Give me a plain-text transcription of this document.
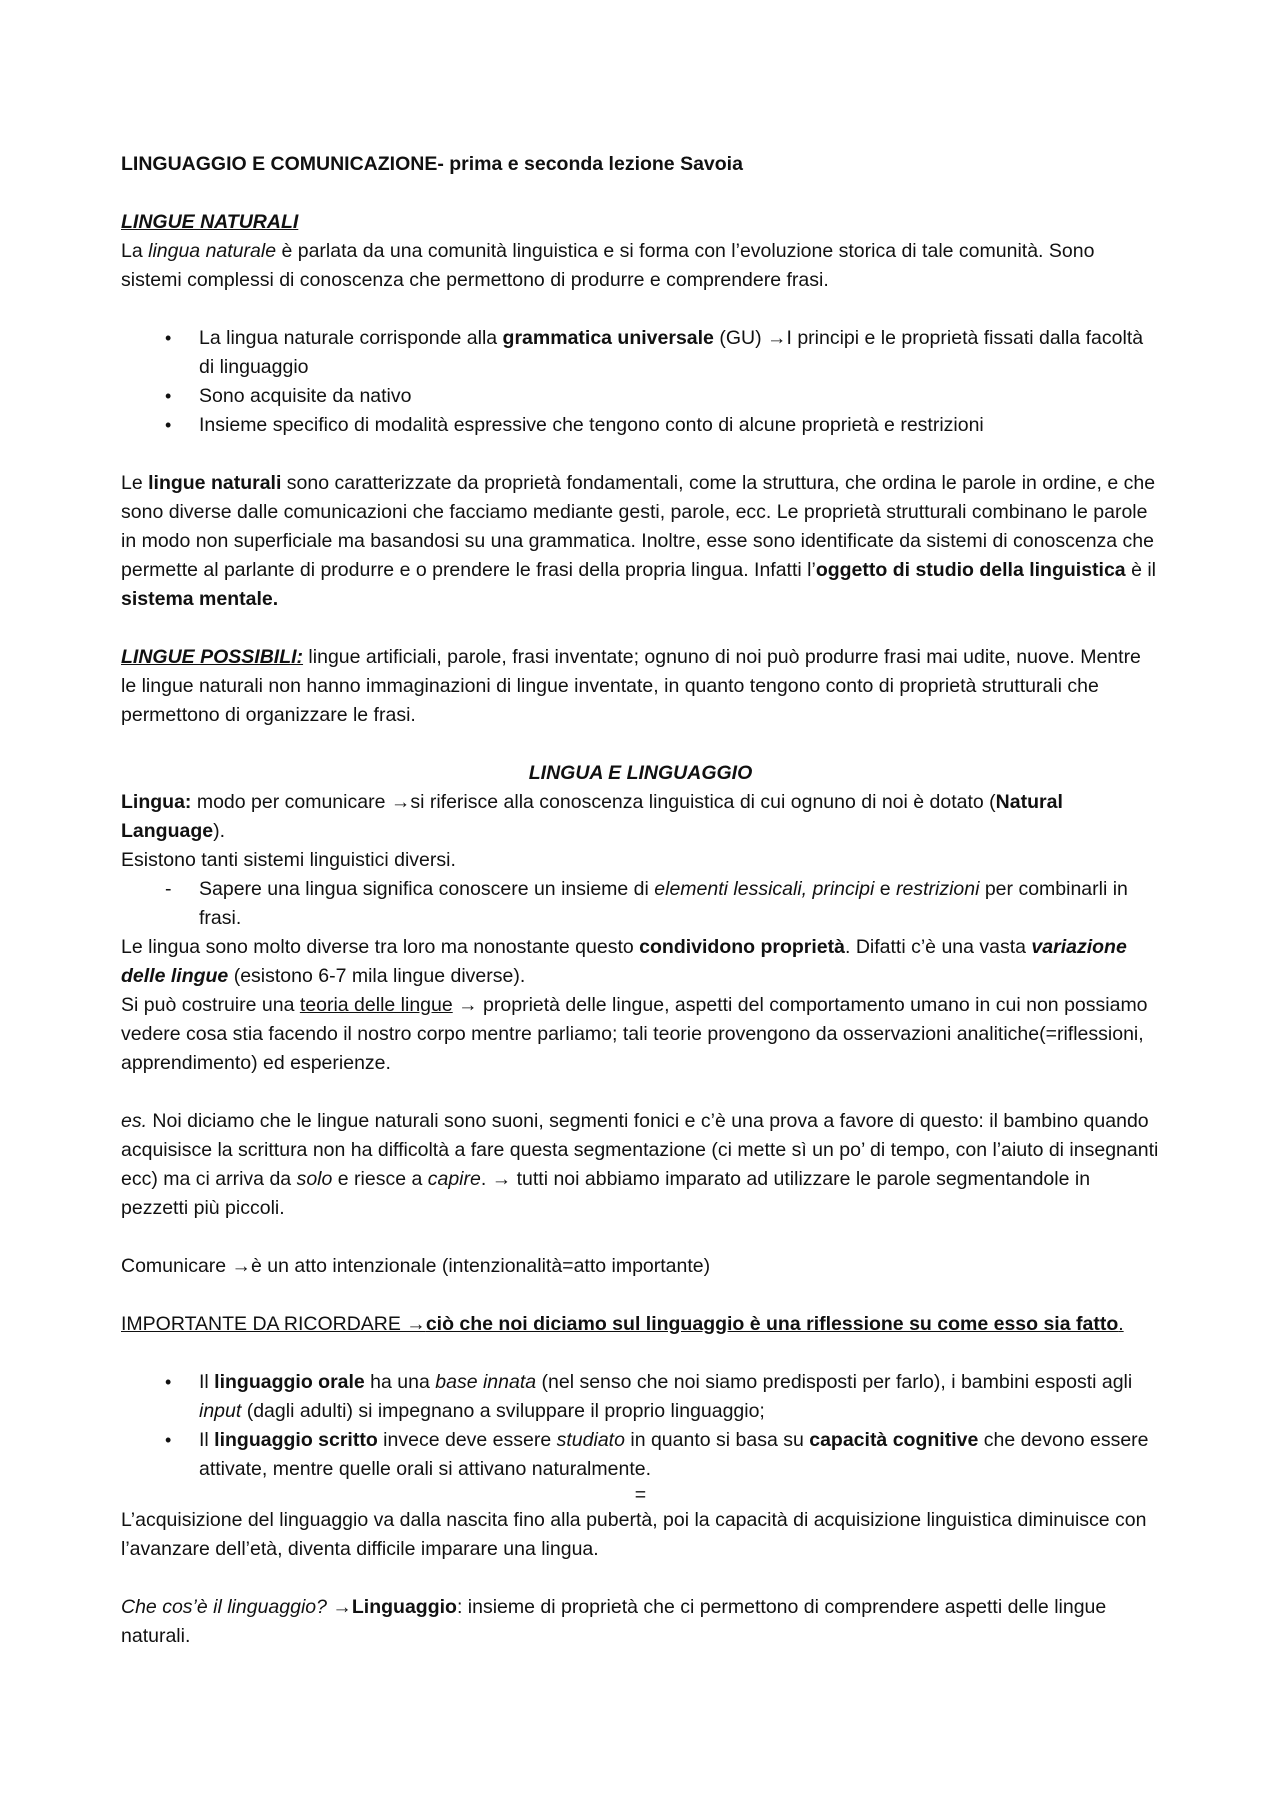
LINGUAGGIO E COMUNICAZIONE- prima e seconda lezione Savoia

LINGUE NATURALI

La lingua naturale è parlata da una comunità linguistica e si forma con l’evoluzione storica di tale comunità. Sono sistemi complessi di conoscenza che permettono di produrre e comprendere frasi.

• La lingua naturale corrisponde alla grammatica universale (GU) →I principi e le proprietà fissati dalla facoltà di linguaggio
• Sono acquisite da nativo
• Insieme specifico di modalità espressive che tengono conto di alcune proprietà e restrizioni

Le lingue naturali sono caratterizzate da proprietà fondamentali, come la struttura, che ordina le parole in ordine, e che sono diverse dalle comunicazioni che facciamo mediante gesti, parole, ecc. Le proprietà strutturali combinano le parole in modo non superficiale ma basandosi su una grammatica. Inoltre, esse sono identificate da sistemi di conoscenza che permette al parlante di produrre e o prendere le frasi della propria lingua. Infatti l’oggetto di studio della linguistica è il sistema mentale.

LINGUE POSSIBILI: lingue artificiali, parole, frasi inventate; ognuno di noi può produrre frasi mai udite, nuove. Mentre le lingue naturali non hanno immaginazioni di lingue inventate, in quanto tengono conto di proprietà strutturali che permettono di organizzare le frasi.

LINGUA E LINGUAGGIO

Lingua: modo per comunicare →si riferisce alla conoscenza linguistica di cui ognuno di noi è dotato (Natural Language).

Esistono tanti sistemi linguistici diversi.

- Sapere una lingua significa conoscere un insieme di elementi lessicali, principi e restrizioni per combinarli in frasi.

Le lingua sono molto diverse tra loro ma nonostante questo condividono proprietà. Difatti c’è una vasta variazione delle lingue (esistono 6-7 mila lingue diverse).

Si può costruire una teoria delle lingue → proprietà delle lingue, aspetti del comportamento umano in cui non possiamo vedere cosa stia facendo il nostro corpo mentre parliamo; tali teorie provengono da osservazioni analitiche(=riflessioni, apprendimento) ed esperienze.

es. Noi diciamo che le lingue naturali sono suoni, segmenti fonici e c’è una prova a favore di questo: il bambino quando acquisisce la scrittura non ha difficoltà a fare questa segmentazione (ci mette sì un po’ di tempo, con l’aiuto di insegnanti ecc) ma ci arriva da solo e riesce a capire. → tutti noi abbiamo imparato ad utilizzare le parole segmentandole in pezzetti più piccoli.

Comunicare →è un atto intenzionale (intenzionalità=atto importante)

IMPORTANTE DA RICORDARE →ciò che noi diciamo sul linguaggio è una riflessione su come esso sia fatto.

• Il linguaggio orale ha una base innata (nel senso che noi siamo predisposti per farlo), i bambini esposti agli input (dagli adulti) si impegnano a sviluppare il proprio linguaggio;
• Il linguaggio scritto invece deve essere studiato in quanto si basa su capacità cognitive che devono essere attivate, mentre quelle orali si attivano naturalmente.

=

L’acquisizione del linguaggio va dalla nascita fino alla pubertà, poi la capacità di acquisizione linguistica diminuisce con l’avanzare dell’età, diventa difficile imparare una lingua.

Che cos’è il linguaggio? →Linguaggio: insieme di proprietà che ci permettono di comprendere aspetti delle lingue naturali.
